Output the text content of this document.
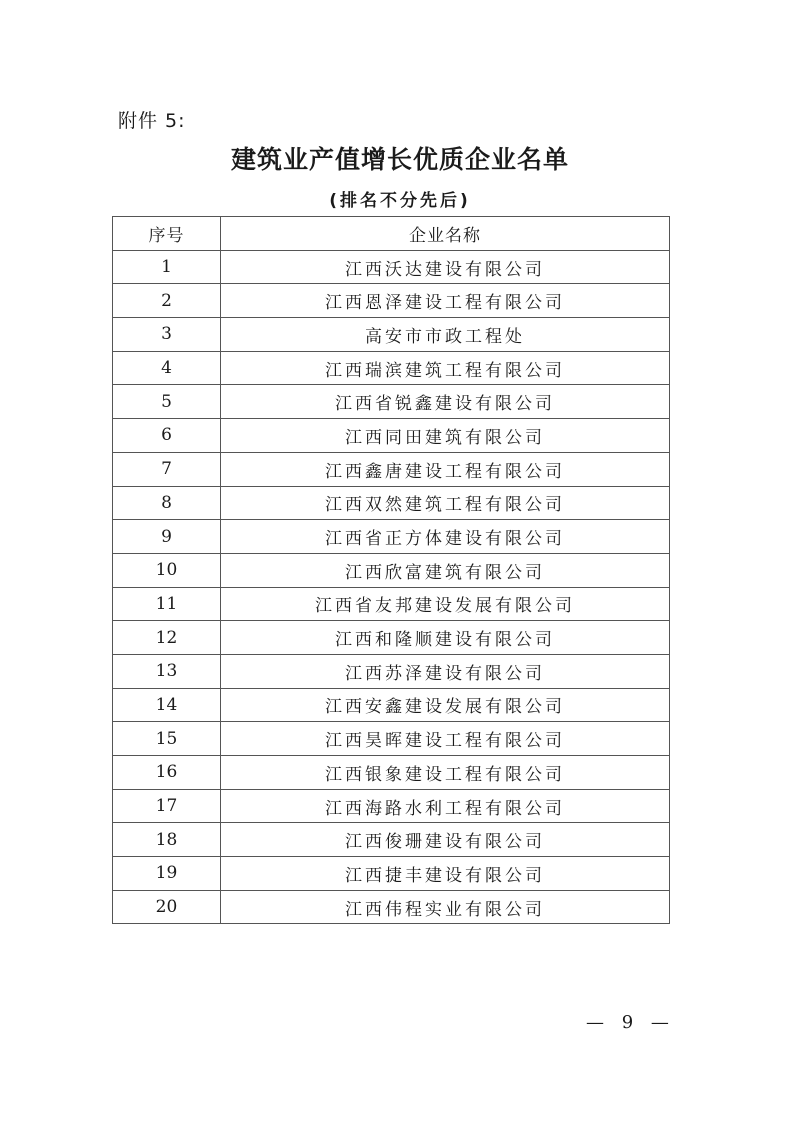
附件 5:
建筑业产值增长优质企业名单
(排名不分先后)
序号	企业名称
1	江西沃达建设有限公司
2	江西恩泽建设工程有限公司
3	高安市市政工程处
4	江西瑞滨建筑工程有限公司
5	江西省锐鑫建设有限公司
6	江西同田建筑有限公司
7	江西鑫唐建设工程有限公司
8	江西双然建筑工程有限公司
9	江西省正方体建设有限公司
10	江西欣富建筑有限公司
11	江西省友邦建设发展有限公司
12	江西和隆顺建设有限公司
13	江西苏泽建设有限公司
14	江西安鑫建设发展有限公司
15	江西昊晖建设工程有限公司
16	江西银象建设工程有限公司
17	江西海路水利工程有限公司
18	江西俊珊建设有限公司
19	江西捷丰建设有限公司
20	江西伟程实业有限公司
— 9 —
